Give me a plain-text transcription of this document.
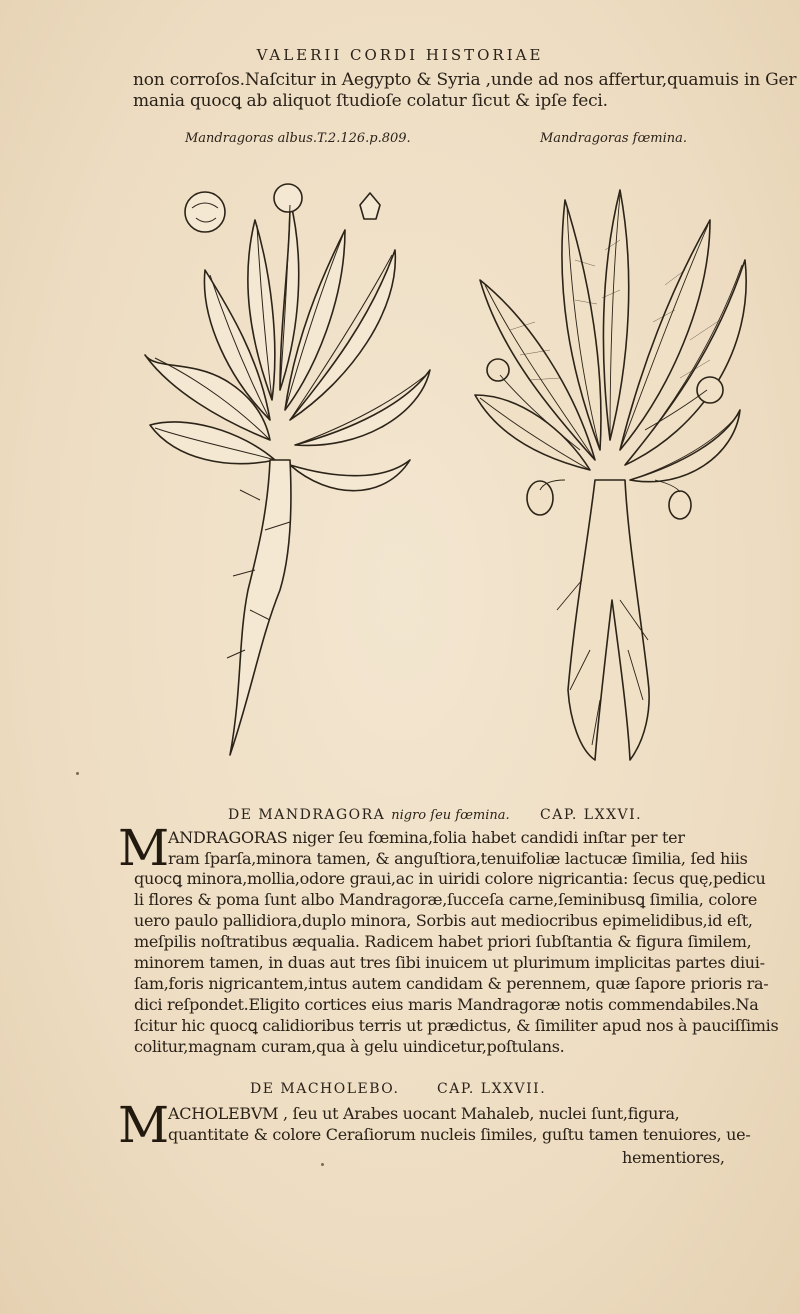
VALERII CORDI HISTORIAE
non corroſos.Naſcitur in Aegypto & Syria ,unde ad nos affertur,quamuis in Ger
mania quocꝗ ab aliquot ſtudioſe colatur ſicut & ipſe feci.
Mandragoras albus.T.2.126.p.809.	Mandragoras fœmina.
DE MANDRAGORA nigro ſeu fœmina. CAP. LXXVI.
M
ANDRAGORAS niger ſeu fœmina,folia habet candidi inſtar per ter
ram ſparſa,minora tamen, & anguſtiora,tenuifoliæ lactucæ ſimilia, ſed hiis
quocꝗ minora,mollia,odore graui,ac in uiridi colore nigricantia: ſecus quę,pedicu
li flores & poma ſunt albo Mandragoræ,ſucceſa carne,ſeminibusꝗ ſimilia, colore
uero paulo pallidiora,duplo minora, Sorbis aut mediocribus epimelidibus,id eſt,
meſpilis noſtratibus æqualia. Radicem habet priori ſubſtantia & figura ſimilem,
minorem tamen, in duas aut tres ſibi inuicem ut plurimum implicitas partes diui-
ſam,foris nigricantem,intus autem candidam & perennem, quæ ſapore prioris ra-
dici reſpondet.Eligito cortices eius maris Mandragoræ notis commendabiles.Na
ſcitur hic quocꝗ calidioribus terris ut prædictus, & ſimiliter apud nos à pauciſſimis
colitur,magnam curam,qua à gelu uindicetur,poſtulans.
DE MACHOLEBO.	CAP. LXXVII.
M
ACHOLEBVM , ſeu ut Arabes uocant Mahaleb, nuclei ſunt,figura,
quantitate & colore Ceraſiorum nucleis ſimiles, guſtu tamen tenuiores, ue-
hementiores,
